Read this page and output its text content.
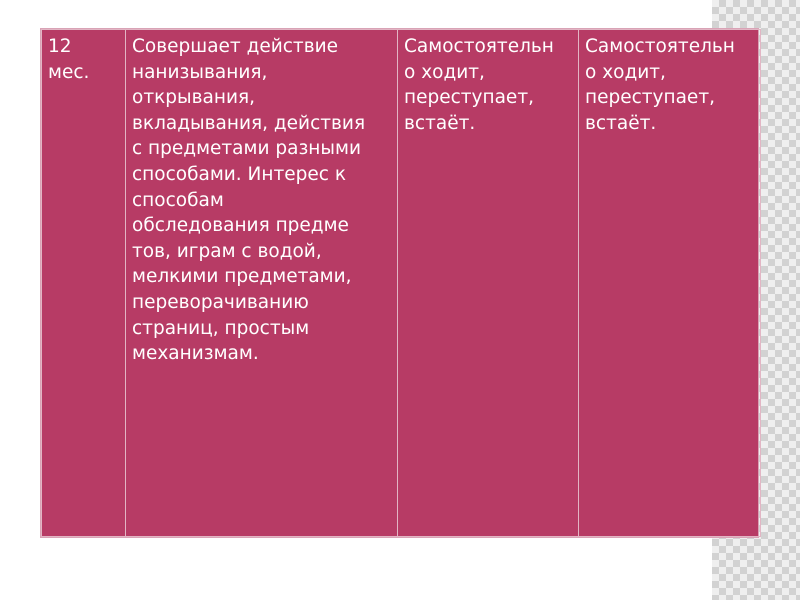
12
мес.

Совершает действие
нанизывания,
открывания,
вкладывания, действия
с предметами разными
способами. Интерес к
способам
обследования предме
тов, играм с водой,
мелкими предметами,
переворачиванию
страниц, простым
механизмам.

Самостоятельн
о ходит,
переступает,
встаёт.

Самостоятельн
о ходит,
переступает,
встаёт.
